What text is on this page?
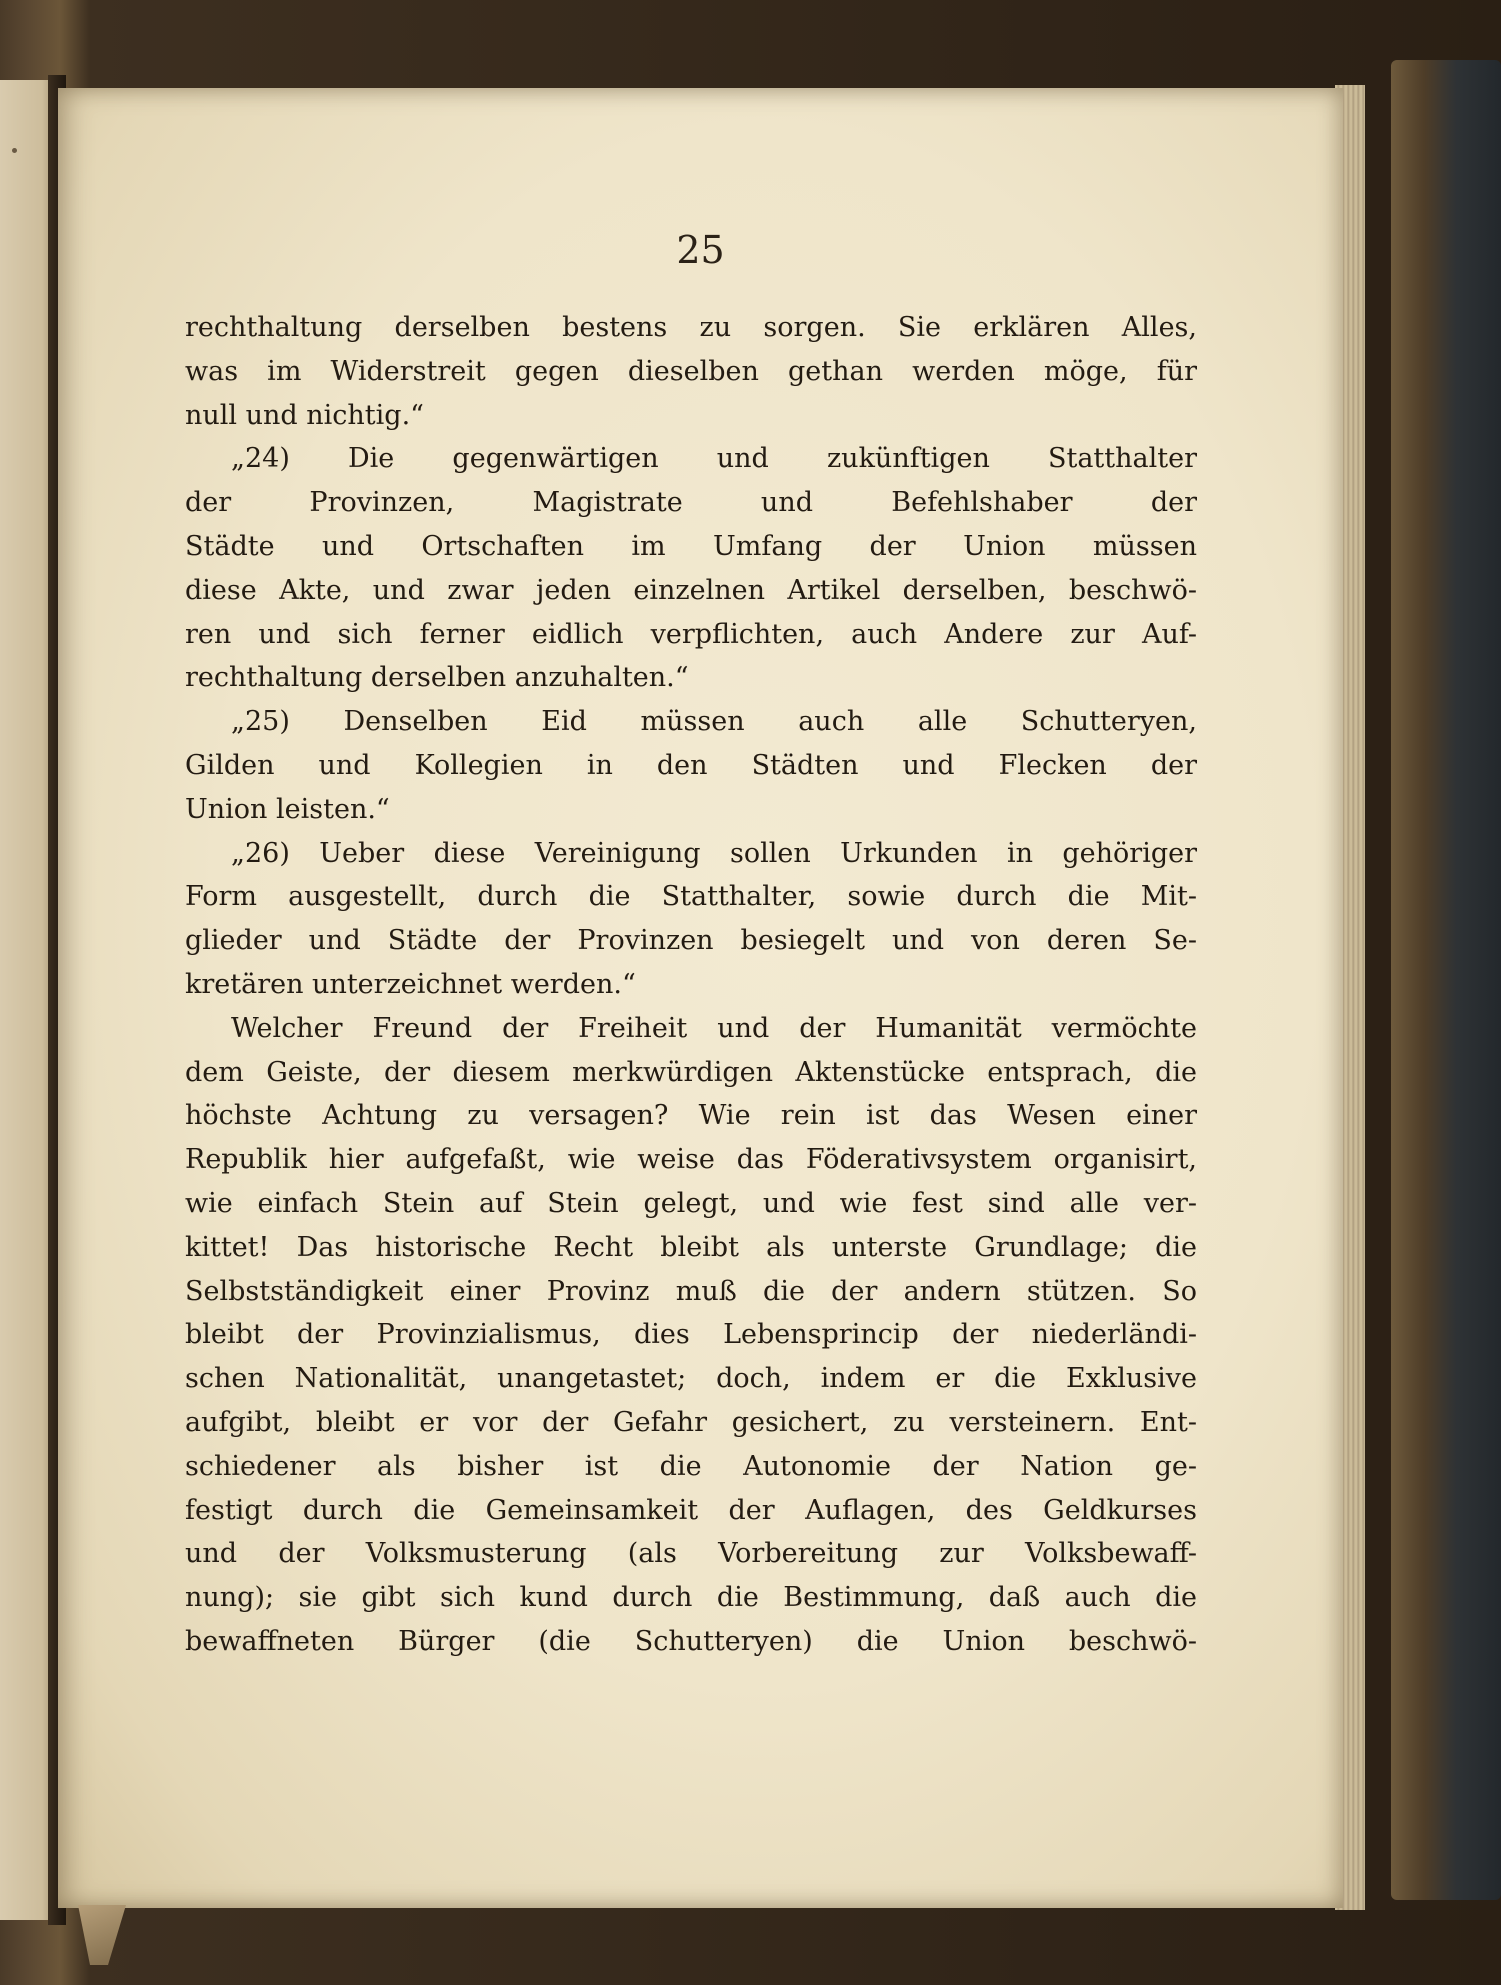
25

rechthaltung derselben bestens zu sorgen. Sie erklären Alles,
was im Widerstreit gegen dieselben gethan werden möge, für
null und nichtig.“
„24) Die gegenwärtigen und zukünftigen Statthalter
der Provinzen, Magistrate und Befehlshaber der
Städte und Ortschaften im Umfang der Union müssen
diese Akte, und zwar jeden einzelnen Artikel derselben, beschwö-
ren und sich ferner eidlich verpflichten, auch Andere zur Auf-
rechthaltung derselben anzuhalten.“
„25) Denselben Eid müssen auch alle Schutteryen,
Gilden und Kollegien in den Städten und Flecken der
Union leisten.“
„26) Ueber diese Vereinigung sollen Urkunden in gehöriger
Form ausgestellt, durch die Statthalter, sowie durch die Mit-
glieder und Städte der Provinzen besiegelt und von deren Se-
kretären unterzeichnet werden.“
Welcher Freund der Freiheit und der Humanität vermöchte
dem Geiste, der diesem merkwürdigen Aktenstücke entsprach, die
höchste Achtung zu versagen? Wie rein ist das Wesen einer
Republik hier aufgefaßt, wie weise das Föderativsystem organisirt,
wie einfach Stein auf Stein gelegt, und wie fest sind alle ver-
kittet! Das historische Recht bleibt als unterste Grundlage; die
Selbstständigkeit einer Provinz muß die der andern stützen. So
bleibt der Provinzialismus, dies Lebensprincip der niederländi-
schen Nationalität, unangetastet; doch, indem er die Exklusive
aufgibt, bleibt er vor der Gefahr gesichert, zu versteinern. Ent-
schiedener als bisher ist die Autonomie der Nation ge-
festigt durch die Gemeinsamkeit der Auflagen, des Geldkurses
und der Volksmusterung (als Vorbereitung zur Volksbewaff-
nung); sie gibt sich kund durch die Bestimmung, daß auch die
bewaffneten Bürger (die Schutteryen) die Union beschwö-
